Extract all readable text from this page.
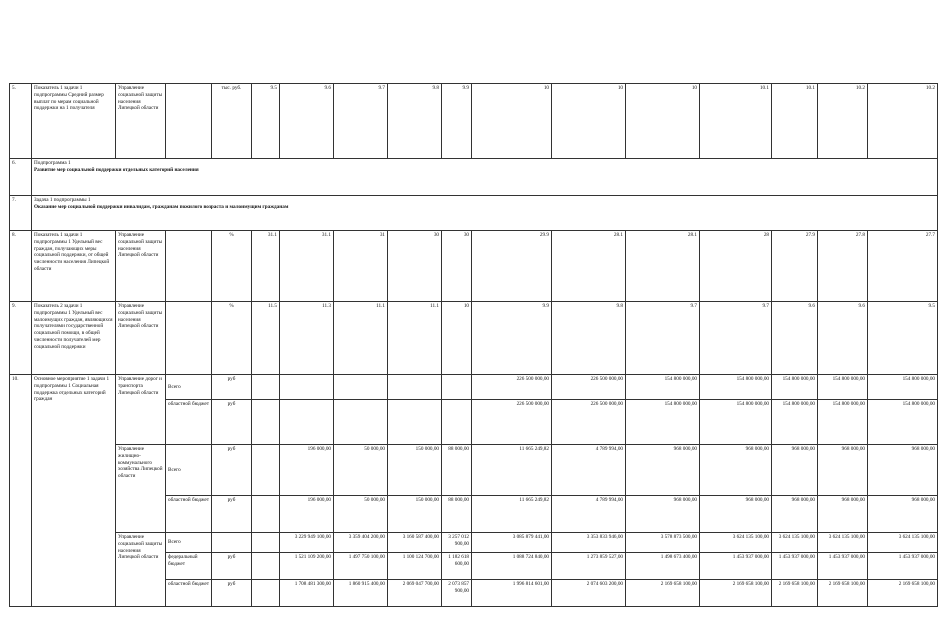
5.	Показатель 1 задачи 1 подпрограммы Средний размер выплат по мерам социальной поддержки на 1 получателя	Управление социальной защиты населения Липецкой области		тыс. руб.	9.5	9.6	9.7	9.8	9.9	10	10	10	10.1	10.1	10.2	10.2
6.	Подпрограмма 1
Развитие мер социальной поддержки отдельных категорий населения															

7.	Задача 1 подпрограммы 1
Оказание мер социальной поддержки инвалидам, гражданам пожилого возраста и малоимущим гражданам															

8.	Показатель 1 задачи 1 подпрограммы 1 Удельный вес граждан, получающих меры социальной поддержки, от общей численности населения Липецкой области	Управление социальной защиты населения Липецкой области		%	31.1	31.1	31	30	30	29.9	28.1	28.1	28	27.9	27.8	27.7
9.	Показатель 2 задачи 1 подпрограммы 1 Удельный вес малоимущих граждан, являющихся получателями государственной социальной помощи, в общей численности получателей мер социальной поддержки	Управление социальной защиты населения Липецкой области		%	11.5	11.3	11.1	11.1	10	9.9	9.8	9.7	9.7	9.6	9.6	9.5
10.	Основное мероприятие 1 задачи 1 подпрограммы 1 Социальная поддержка отдельных категорий граждан	Управление дорог и транспорта Липецкой области	Всего	руб						226 500 000,00	226 500 000,00	154 800 000,00	154 800 000,00	154 800 000,00	154 800 000,00	154 800 000,00
			областной бюджет	руб						226 500 000,00	226 500 000,00	154 800 000,00	154 800 000,00	154 800 000,00	154 800 000,00	154 800 000,00
		Управление жилищно-коммунального хозяйства Липецкой области	Всего	руб		196 000,00	50 000,00	150 000,00	88 000,00	11 665 249,82	4 789 994,00	968 000,00	968 000,00	968 000,00	968 000,00	968 000,00
			областной бюджет	руб		196 000,00	50 000,00	150 000,00	88 000,00	11 665 249,82	4 789 994,00	968 000,00	968 000,00	968 000,00	968 000,00	968 000,00
		Управление социальной защиты населения Липецкой области	Всего			3 229 949 100,00	3 359 404 200,00	3 160 587 400,00	3 257 012 900,00	3 085 879 441,00	3 353 833 946,00	3 578 873 500,00	3 624 135 100,00	3 624 135 100,00	3 624 135 100,00	3 624 135 100,00
			федеральный бюджет	руб		1 521 109 200,00	1 497 750 100,00	1 100 124 700,00	1 182 618 600,00	1 088 724 840,00	1 273 859 527,00	1 498 673 400,00	1 453 937 000,00	1 453 937 000,00	1 453 937 000,00	1 453 937 000,00
			областной бюджет	руб		1 708 481 300,00	1 860 915 400,00	2 069 047 700,00	2 073 857 900,00	1 996 814 601,00	2 074 603 200,00	2 169 658 100,00	2 169 658 100,00	2 169 658 100,00	2 169 658 100,00	2 169 658 100,00
